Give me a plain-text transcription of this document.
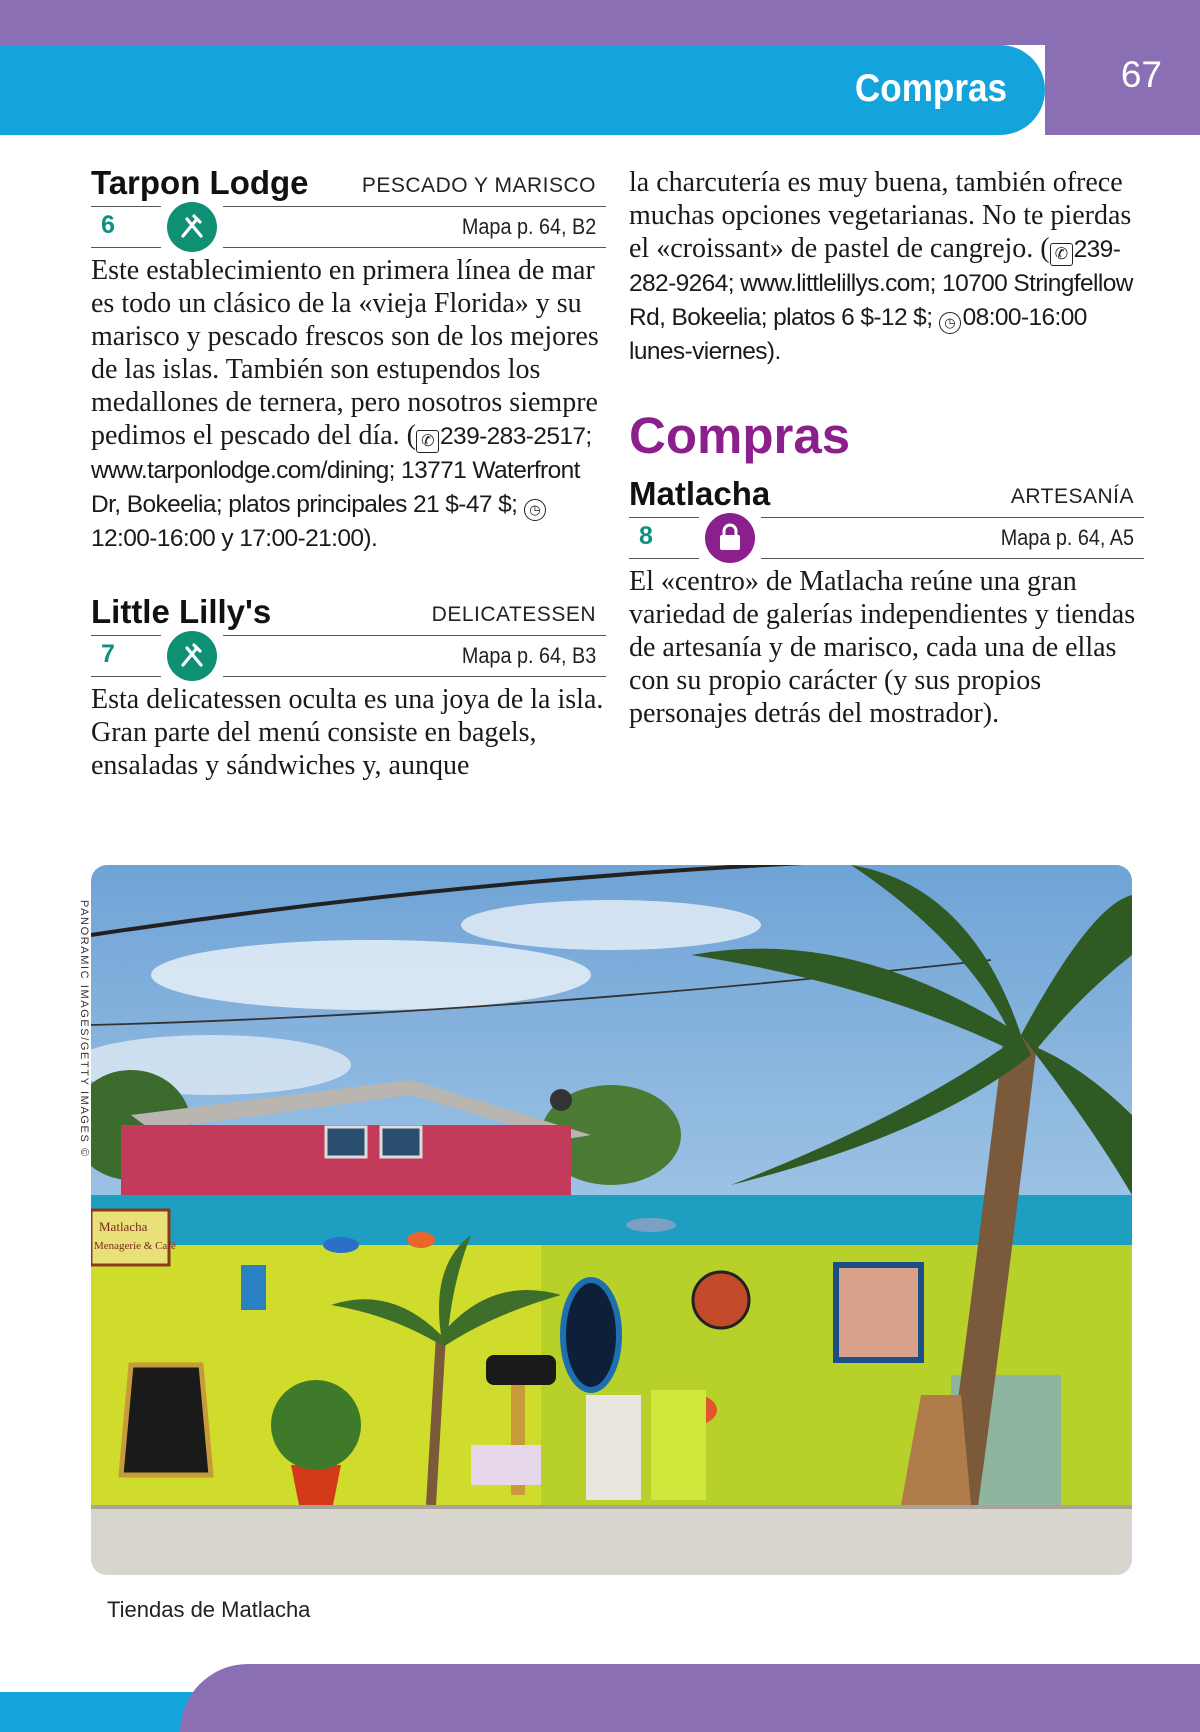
67
Compras
Tarpon Lodge	PESCADO Y MARISCO
6	Mapa p. 64, B2

Este establecimiento en primera línea de mar es todo un clásico de la «vieja Florida» y su marisco y pescado frescos son de los mejores de las islas. También son estupendos los medallones de ternera, pero nosotros siempre pedimos el pescado del día. ( ✆ 239-283-2517; www.tarponlodge.com/dining; 13771 Waterfront Dr, Bokeelia; platos principales 21 $-47 $; ◷12:00-16:00 y 17:00-21:00).

Little Lilly's	DELICATESSEN
7	Mapa p. 64, B3

Esta delicatessen oculta es una joya de la isla. Gran parte del menú consiste en bagels, ensaladas y sándwiches y, aunque

la charcutería es muy buena, también ofrece muchas opciones vegetarianas. No te pierdas el «croissant» de pastel de cangrejo. ( ✆ 239-282-9264; www.littlelillys.com; 10700 Stringfellow Rd, Bokeelia; platos 6 $-12 $; ◷ 08:00-16:00 lunes-viernes).

Compras
Matlacha	ARTESANÍA
8	Mapa p. 64, A5

El «centro» de Matlacha reúne una gran variedad de galerías independientes y tiendas de artesanía y de marisco, cada una de ellas con su propio carácter (y sus propios personajes detrás del mostrador).

PANORAMIC IMAGES/GETTY IMAGES ©
Matlacha
Menagerie & Café
Tiendas de Matlacha
